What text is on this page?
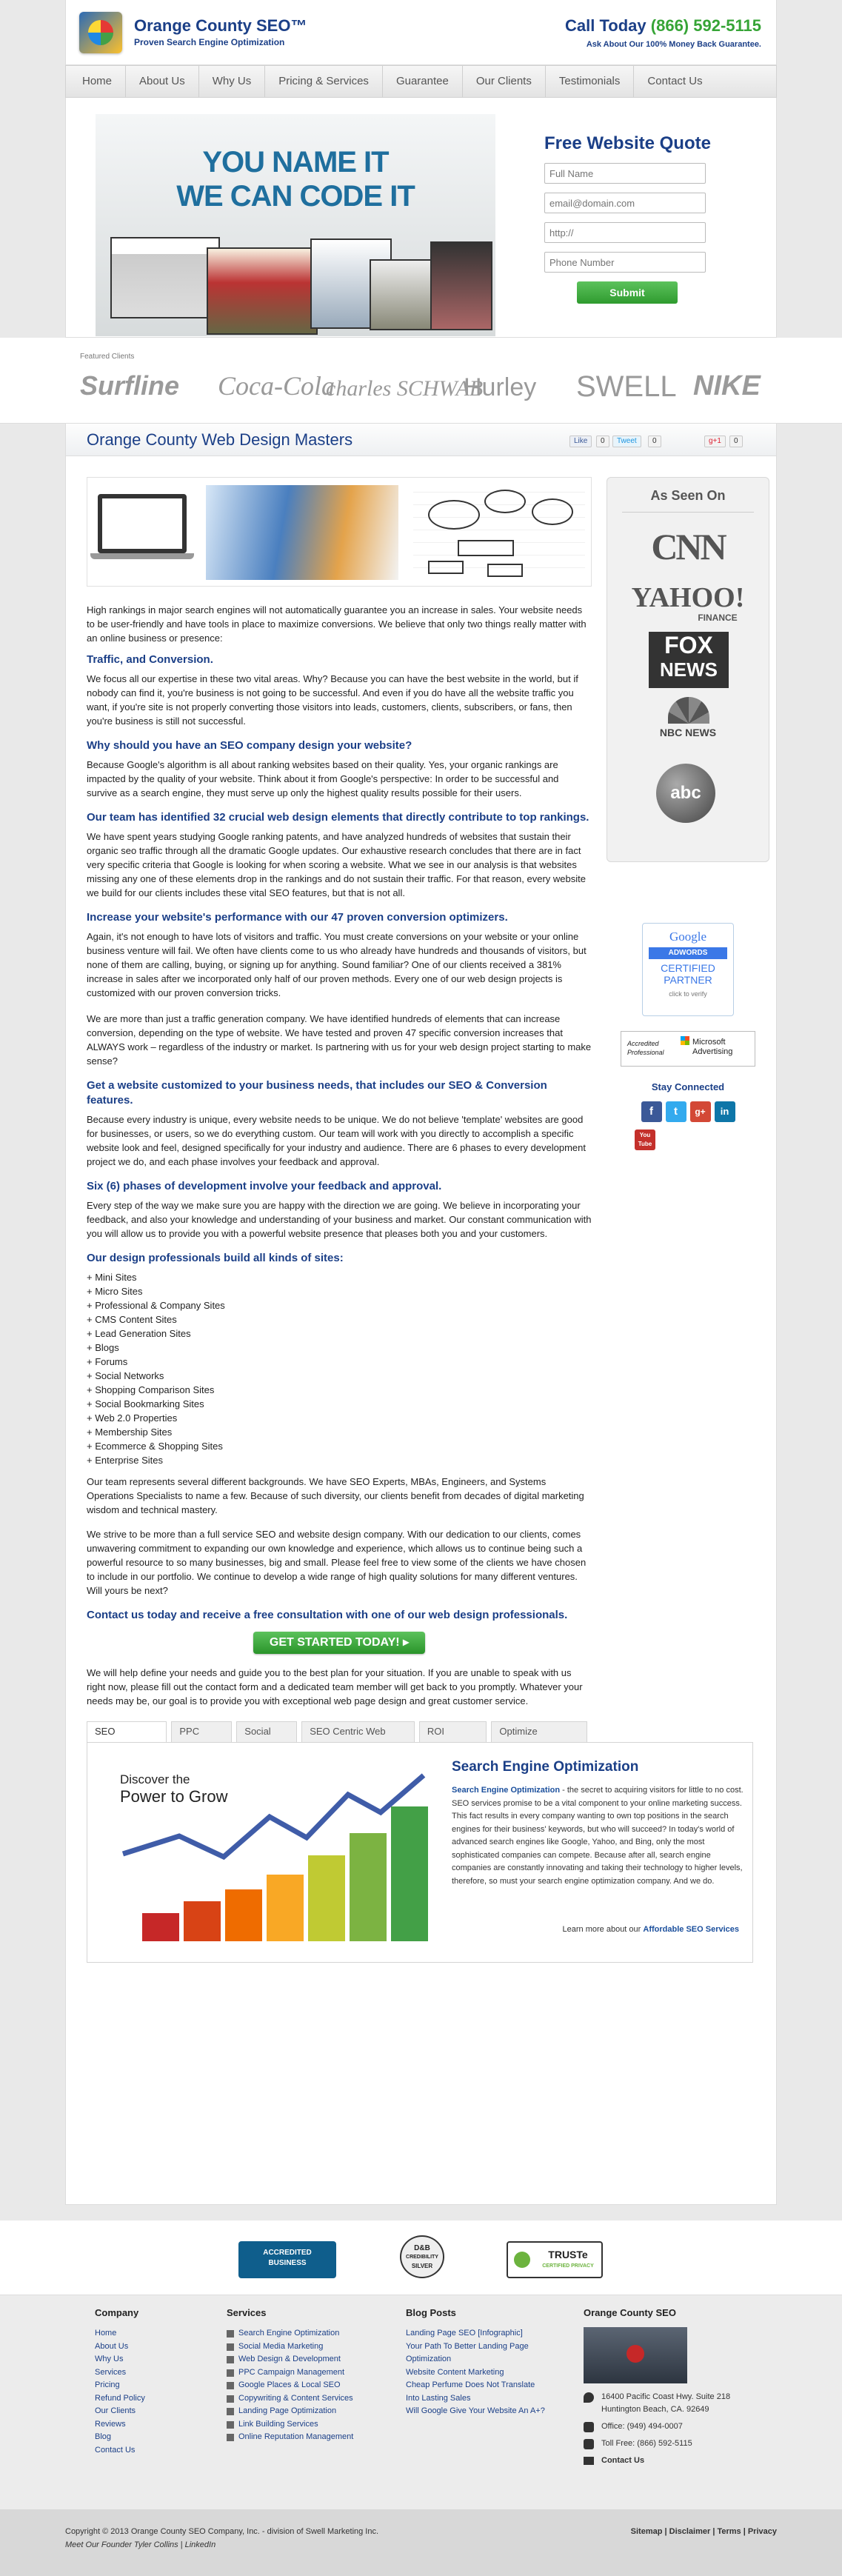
Orange County SEO™
Proven Search Engine Optimization
Call Today (866) 592-5115
Ask About Our 100% Money Back Guarantee.
Home	About Us	Why Us	Pricing & Services	Guarantee	Our Clients	Testimonials	Contact Us
YOU NAME IT
WE CAN CODE IT
Free Website Quote
Full Name
email@domain.com
http://
Phone Number
Submit
Featured Clients
Surfline Coca-Cola
charles SCHWAB
Hurley SWELL NIKE
Orange County Web Design Masters	Like	0	Tweet	0	g+1	0

High rankings in major search engines will not automatically guarantee you an increase in sales. Your website needs to be user-friendly and have tools in place to maximize conversions. We believe that only two things really matter with an online business or presence:

Traffic, and Conversion.

We focus all our expertise in these two vital areas. Why? Because you can have the best website in the world, but if nobody can find it, you're business is not going to be successful. And even if you do have all the website traffic you want, if you're site is not properly converting those visitors into leads, customers, clients, subscribers, or fans, then you're business is still not successful.

Why should you have an SEO company design your website?

Because Google's algorithm is all about ranking websites based on their quality. Yes, your organic rankings are impacted by the quality of your website. Think about it from Google's perspective: In order to be successful and survive as a search engine, they must serve up only the highest quality results possible for their users.

Our team has identified 32 crucial web design elements that directly contribute to top rankings.

We have spent years studying Google ranking patents, and have analyzed hundreds of websites that sustain their organic seo traffic through all the dramatic Google updates. Our exhaustive research concludes that there are in fact very specific criteria that Google is looking for when scoring a website. What we see in our analysis is that websites missing any one of these elements drop in the rankings and do not sustain their traffic. For that reason, every website we build for our clients includes these vital SEO features, but that is not all.

Increase your website's performance with our 47 proven conversion optimizers.

Again, it's not enough to have lots of visitors and traffic. You must create conversions on your website or your online business venture will fail. We often have clients come to us who already have hundreds and thousands of visitors, but none of them are calling, buying, or signing up for anything. Sound familiar? One of our clients received a 381% increase in sales after we incorporated only half of our proven methods. Every one of our web design projects is customized with our proven conversion tricks.

We are more than just a traffic generation company. We have identified hundreds of elements that can increase conversion, depending on the type of website. We have tested and proven 47 specific conversion increases that ALWAYS work – regardless of the industry or market. Is partnering with us for your web design project starting to make sense?

Get a website customized to your business needs, that includes our SEO & Conversion features.

Because every industry is unique, every website needs to be unique. We do not believe 'template' websites are good for businesses, or users, so we do everything custom. Our team will work with you directly to accomplish a specific website look and feel, designed specifically for your industry and audience. There are 6 phases to every development project we do, and each phase involves your feedback and approval.

Six (6) phases of development involve your feedback and approval.

Every step of the way we make sure you are happy with the direction we are going. We believe in incorporating your feedback, and also your knowledge and understanding of your business and market. Our constant communication with you will allow us to provide you with a powerful website presence that pleases both you and your customers.

Our design professionals build all kinds of sites:
+ Mini Sites
+ Micro Sites
+ Professional & Company Sites
+ CMS Content Sites
+ Lead Generation Sites
+ Blogs
+ Forums
+ Social Networks
+ Shopping Comparison Sites
+ Social Bookmarking Sites
+ Web 2.0 Properties
+ Membership Sites
+ Ecommerce & Shopping Sites
+ Enterprise Sites

Our team represents several different backgrounds. We have SEO Experts, MBAs, Engineers, and Systems Operations Specialists to name a few. Because of such diversity, our clients benefit from decades of digital marketing wisdom and technical mastery.

We strive to be more than a full service SEO and website design company. With our dedication to our clients, comes unwavering commitment to expanding our own knowledge and experience, which allows us to continue being such a powerful resource to so many businesses, big and small. Please feel free to view some of the clients we have chosen to include in our portfolio. We continue to develop a wide range of high quality solutions for many different ventures. Will yours be next?

Contact us today and receive a free consultation with one of our web design professionals.
GET STARTED TODAY! ▸

We will help define your needs and guide you to the best plan for your situation. If you are unable to speak with us right now, please fill out the contact form and a dedicated team member will get back to you promptly. Whatever your needs may be, our goal is to provide you with exceptional web page design and great customer service.

SEO	PPC	Social	SEO Centric Web	ROI	Optimize
Discover the
Power to Grow
Search Engine Optimization
Search Engine Optimization - the secret to acquiring visitors for little to no cost. SEO services promise to be a vital component to your online marketing success. This fact results in every company wanting to own top positions in the search engines for their business' keywords, but who will succeed? In today's world of advanced search engines like Google, Yahoo, and Bing, only the most sophisticated companies can compete. Because after all, search engine companies are constantly innovating and taking their technology to higher levels, therefore, so must your search engine optimization company. And we do.
Learn more about our Affordable SEO Services
As Seen On
CNN
YAHOO!
FINANCE
FOX
NEWS
NBC NEWS
abc
Google
ADWORDS
CERTIFIED
PARTNER
click to verify
Accredited Professional
Microsoft Advertising
Stay Connected
f	t	g+	in
You Tube
ACCREDITED
BUSINESS
D&B
CREDIBILITY
SILVER
TRUSTe
CERTIFIED PRIVACY
Company
Home
About Us
Why Us
Services
Pricing
Refund Policy
Our Clients
Reviews
Blog
Contact Us
Services
Search Engine Optimization
Social Media Marketing
Web Design & Development
PPC Campaign Management
Google Places & Local SEO
Copywriting & Content Services
Landing Page Optimization
Link Building Services
Online Reputation Management
Blog Posts
Landing Page SEO [Infographic]
Your Path To Better Landing Page
Optimization
Website Content Marketing
Cheap Perfume Does Not Translate
Into Lasting Sales
Will Google Give Your Website An A+?
Orange County SEO
16400 Pacific Coast Hwy. Suite 218
Huntington Beach, CA. 92649
Office: (949) 494-0007
Toll Free: (866) 592-5115
Contact Us
Copyright © 2013 Orange County SEO Company, Inc. - division of Swell Marketing Inc.
Meet Our Founder Tyler Collins | LinkedIn
Sitemap | Disclaimer | Terms | Privacy
